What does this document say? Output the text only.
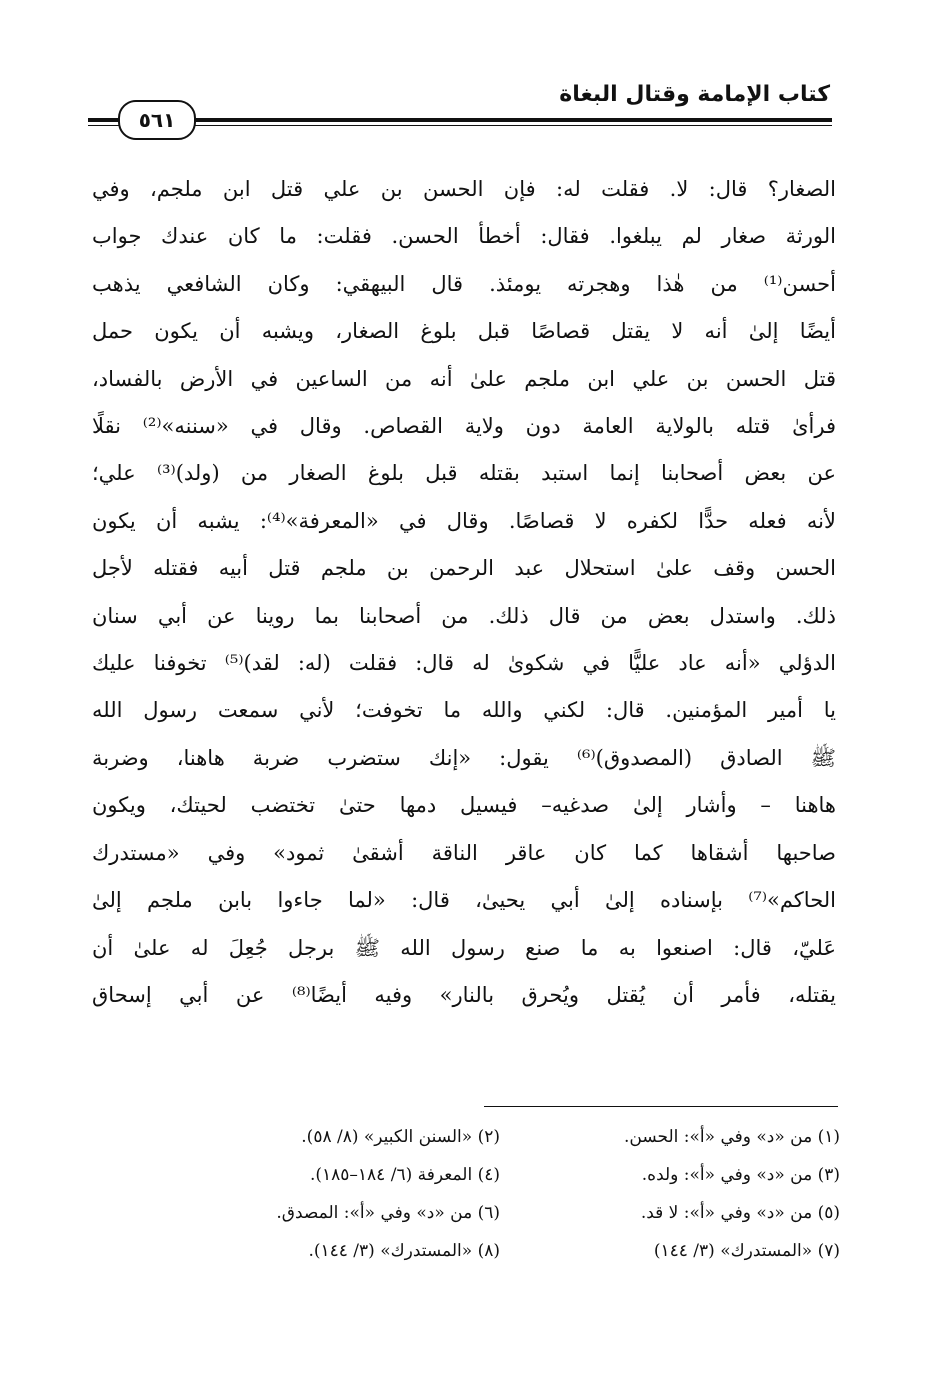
كتاب الإمامة وقتال البغاة
٥٦١
الصغار؟ قال: لا. فقلت له: فإن الحسن بن علي قتل ابن ملجم، وفي
الورثة صغار لم يبلغوا. فقال: أخطأ الحسن. فقلت: ما كان عندك جواب
أحسن⁽¹⁾ من هٰذا وهجرته يومئذ. قال البيهقي: وكان الشافعي يذهب
أيضًا إلىٰ أنه لا يقتل قصاصًا قبل بلوغ الصغار، ويشبه أن يكون حمل
قتل الحسن بن علي ابن ملجم علىٰ أنه من الساعين في الأرض بالفساد،
فرأىٰ قتله بالولاية العامة دون ولاية القصاص. وقال في «سننه»⁽²⁾ نقلًا
عن بعض أصحابنا إنما استبد بقتله قبل بلوغ الصغار من (ولد)⁽³⁾ علي؛
لأنه فعله حدًّا لكفره لا قصاصًا. وقال في «المعرفة»⁽⁴⁾: يشبه أن يكون
الحسن وقف علىٰ استحلال عبد الرحمن بن ملجم قتل أبيه فقتله لأجل
ذلك. واستدل بعض من قال ذلك. من أصحابنا بما روينا عن أبي سنان
الدؤلي «أنه عاد عليًّا في شكوىٰ له قال: فقلت (له: لقد)⁽⁵⁾ تخوفنا عليك
يا أمير المؤمنين. قال: لكني والله ما تخوفت؛ لأني سمعت رسول الله
ﷺ الصادق (المصدوق)⁽⁶⁾ يقول: «إنك ستضرب ضربة هاهنا، وضربة
هاهنا – وأشار إلىٰ صدغيه– فيسيل دمها حتىٰ تختضب لحيتك، ويكون
صاحبها أشقاها كما كان عاقر الناقة أشقىٰ ثمود» وفي «مستدرك
الحاكم»⁽⁷⁾ بإسناده إلىٰ أبي يحيىٰ، قال: «لما جاءوا بابن ملجم إلىٰ
عَليّ، قال: اصنعوا به ما صنع رسول الله ﷺ برجل جُعِلَ له علىٰ أن
يقتله، فأمر أن يُقتل ويُحرق بالنار» وفيه أيضًا⁽⁸⁾ عن أبي إسحاق
(١) من «د» وفي «أ»: الحسن.
(٢) «السنن الكبير» (٨/ ٥٨).
(٣) من «د» وفي «أ»: ولده.
(٤) المعرفة (٦/ ١٨٤–١٨٥).
(٥) من «د» وفي «أ»: لا قد.
(٦) من «د» وفي «أ»: المصدق.
(٧) «المستدرك» (٣/ ١٤٤)
(٨) «المستدرك» (٣/ ١٤٤).
